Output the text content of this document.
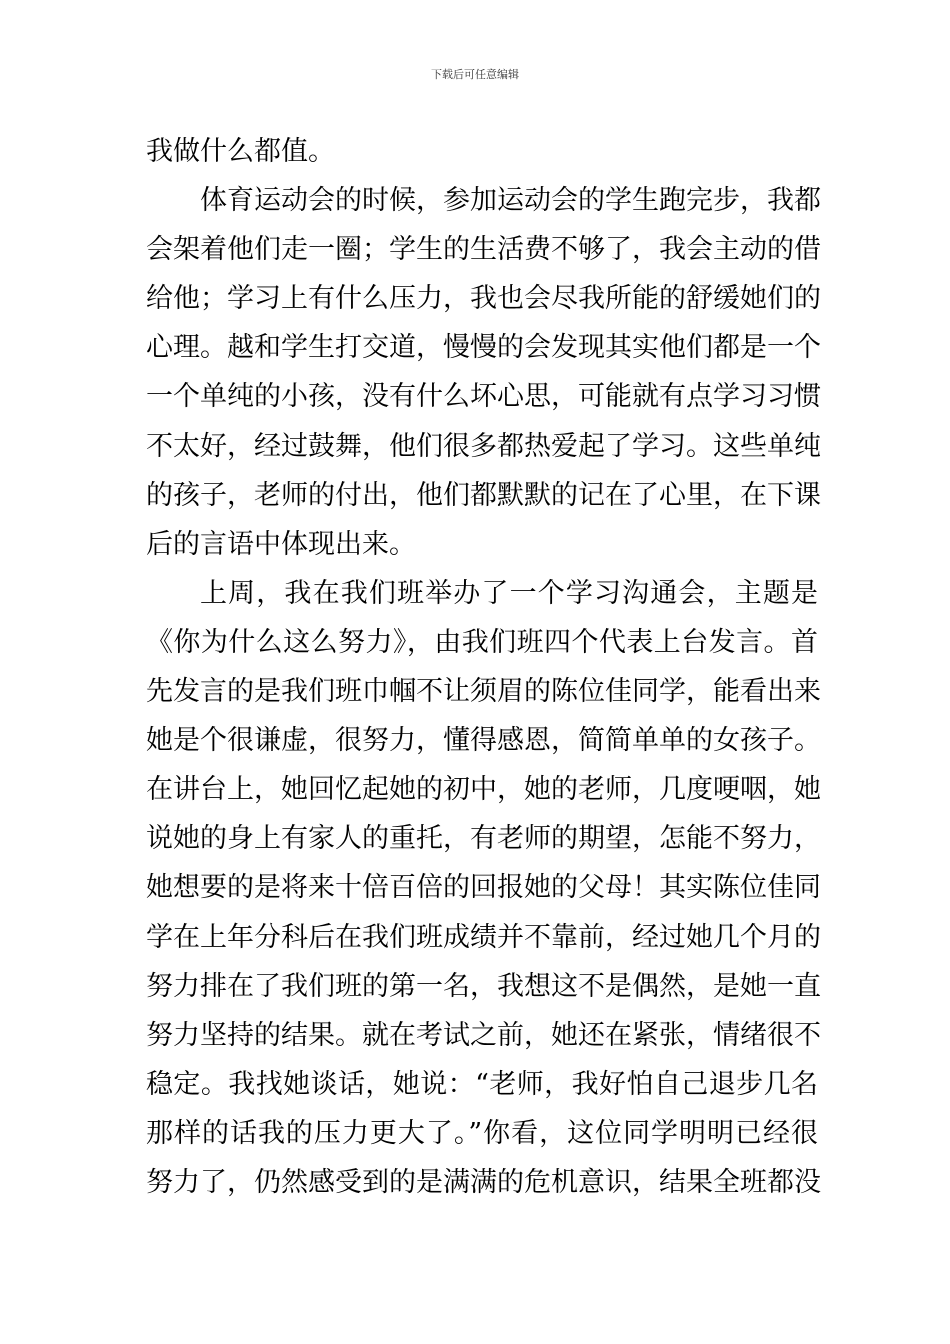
下载后可任意编辑
我做什么都值。
体育运动会的时候，参加运动会的学生跑完步，我都
会架着他们走一圈；学生的生活费不够了，我会主动的借
给他；学习上有什么压力，我也会尽我所能的舒缓她们的
心理。越和学生打交道，慢慢的会发现其实他们都是一个
一个单纯的小孩，没有什么坏心思，可能就有点学习习惯
不太好，经过鼓舞，他们很多都热爱起了学习。这些单纯
的孩子，老师的付出，他们都默默的记在了心里，在下课
后的言语中体现出来。
上周，我在我们班举办了一个学习沟通会，主题是
《你为什么这么努力》，由我们班四个代表上台发言。首
先发言的是我们班巾帼不让须眉的陈位佳同学，能看出来
她是个很谦虚，很努力，懂得感恩，简简单单的女孩子。
在讲台上，她回忆起她的初中，她的老师，几度哽咽，她
说她的身上有家人的重托，有老师的期望，怎能不努力，
她想要的是将来十倍百倍的回报她的父母！其实陈位佳同
学在上年分科后在我们班成绩并不靠前，经过她几个月的
努力排在了我们班的第一名，我想这不是偶然，是她一直
努力坚持的结果。就在考试之前，她还在紧张，情绪很不
稳定。我找她谈话，她说：“老师，我好怕自己退步几名
那样的话我的压力更大了。”你看，这位同学明明已经很
努力了，仍然感受到的是满满的危机意识，结果全班都没
